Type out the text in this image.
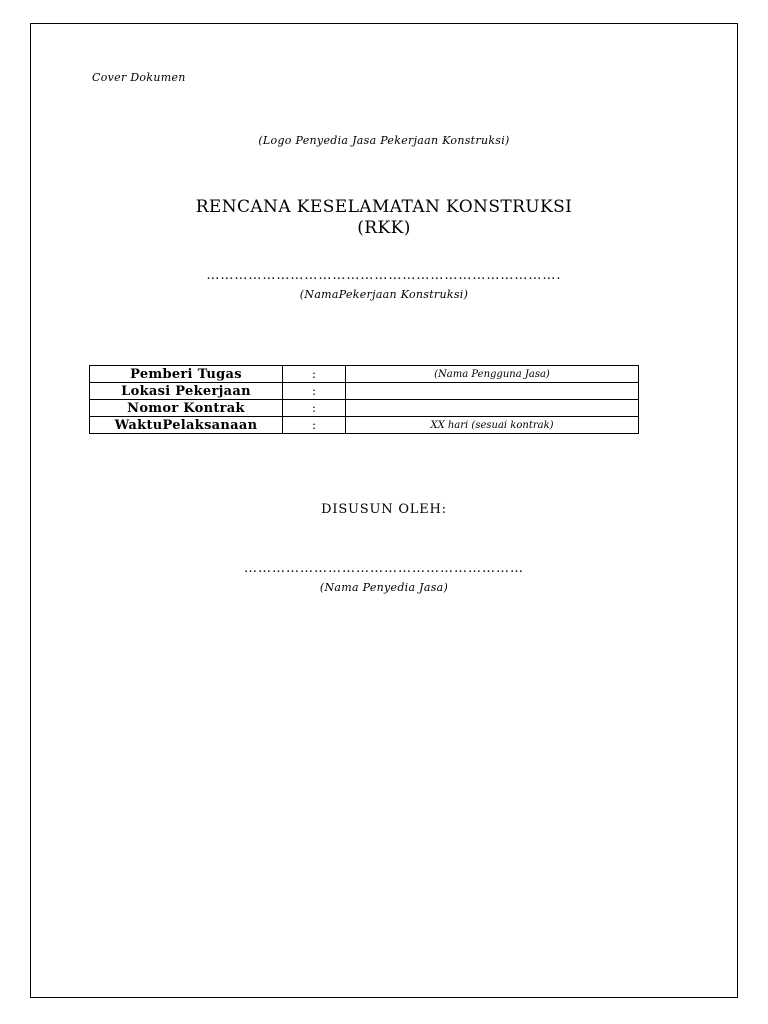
Cover Dokumen
(Logo Penyedia Jasa Pekerjaan Konstruksi)
RENCANA KESELAMATAN KONSTRUKSI
(RKK)
………………………………………………………………….
(NamaPekerjaan Konstruksi)
Pemberi Tugas	:	(Nama Pengguna Jasa)
Lokasi Pekerjaan	:	
Nomor Kontrak	:	
WaktuPelaksanaan	:	XX hari (sesuai kontrak)
DISUSUN OLEH:
……………………………………………………
(Nama Penyedia Jasa)
